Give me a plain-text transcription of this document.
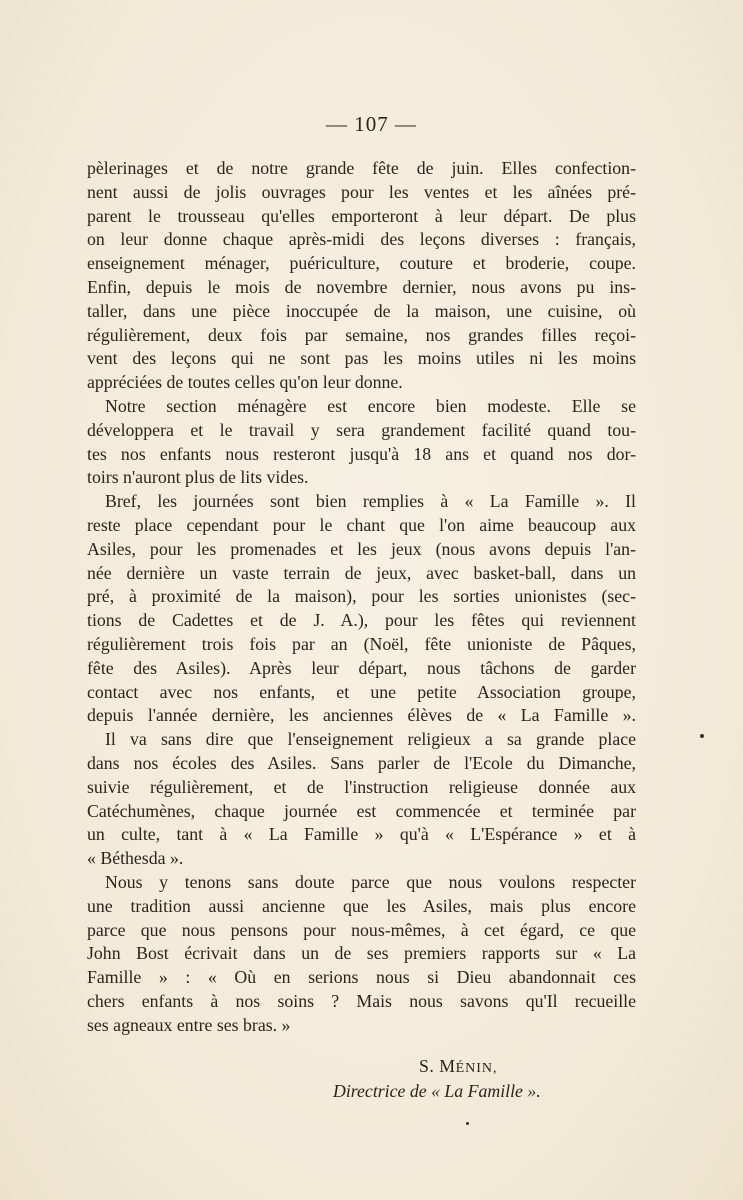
— 107 —
pèlerinages et de notre grande fête de juin. Elles confection-
nent aussi de jolis ouvrages pour les ventes et les aînées pré-
parent le trousseau qu'elles emporteront à leur départ. De plus
on leur donne chaque après-midi des leçons diverses : français,
enseignement ménager, puériculture, couture et broderie, coupe.
Enfin, depuis le mois de novembre dernier, nous avons pu ins-
taller, dans une pièce inoccupée de la maison, une cuisine, où
régulièrement, deux fois par semaine, nos grandes filles reçoi-
vent des leçons qui ne sont pas les moins utiles ni les moins
appréciées de toutes celles qu'on leur donne.
Notre section ménagère est encore bien modeste. Elle se
développera et le travail y sera grandement facilité quand tou-
tes nos enfants nous resteront jusqu'à 18 ans et quand nos dor-
toirs n'auront plus de lits vides.
Bref, les journées sont bien remplies à « La Famille ». Il
reste place cependant pour le chant que l'on aime beaucoup aux
Asiles, pour les promenades et les jeux (nous avons depuis l'an-
née dernière un vaste terrain de jeux, avec basket-ball, dans un
pré, à proximité de la maison), pour les sorties unionistes (sec-
tions de Cadettes et de J. A.), pour les fêtes qui reviennent
régulièrement trois fois par an (Noël, fête unioniste de Pâques,
fête des Asiles). Après leur départ, nous tâchons de garder
contact avec nos enfants, et une petite Association groupe,
depuis l'année dernière, les anciennes élèves de « La Famille ».
Il va sans dire que l'enseignement religieux a sa grande place
dans nos écoles des Asiles. Sans parler de l'Ecole du Dimanche,
suivie régulièrement, et de l'instruction religieuse donnée aux
Catéchumènes, chaque journée est commencée et terminée par
un culte, tant à « La Famille » qu'à « L'Espérance » et à
« Béthesda ».
Nous y tenons sans doute parce que nous voulons respecter
une tradition aussi ancienne que les Asiles, mais plus encore
parce que nous pensons pour nous-mêmes, à cet égard, ce que
John Bost écrivait dans un de ses premiers rapports sur « La
Famille » : « Où en serions nous si Dieu abandonnait ces
chers enfants à nos soins ? Mais nous savons qu'Il recueille
ses agneaux entre ses bras. »
S. MÉNIN,
Directrice de « La Famille ».
